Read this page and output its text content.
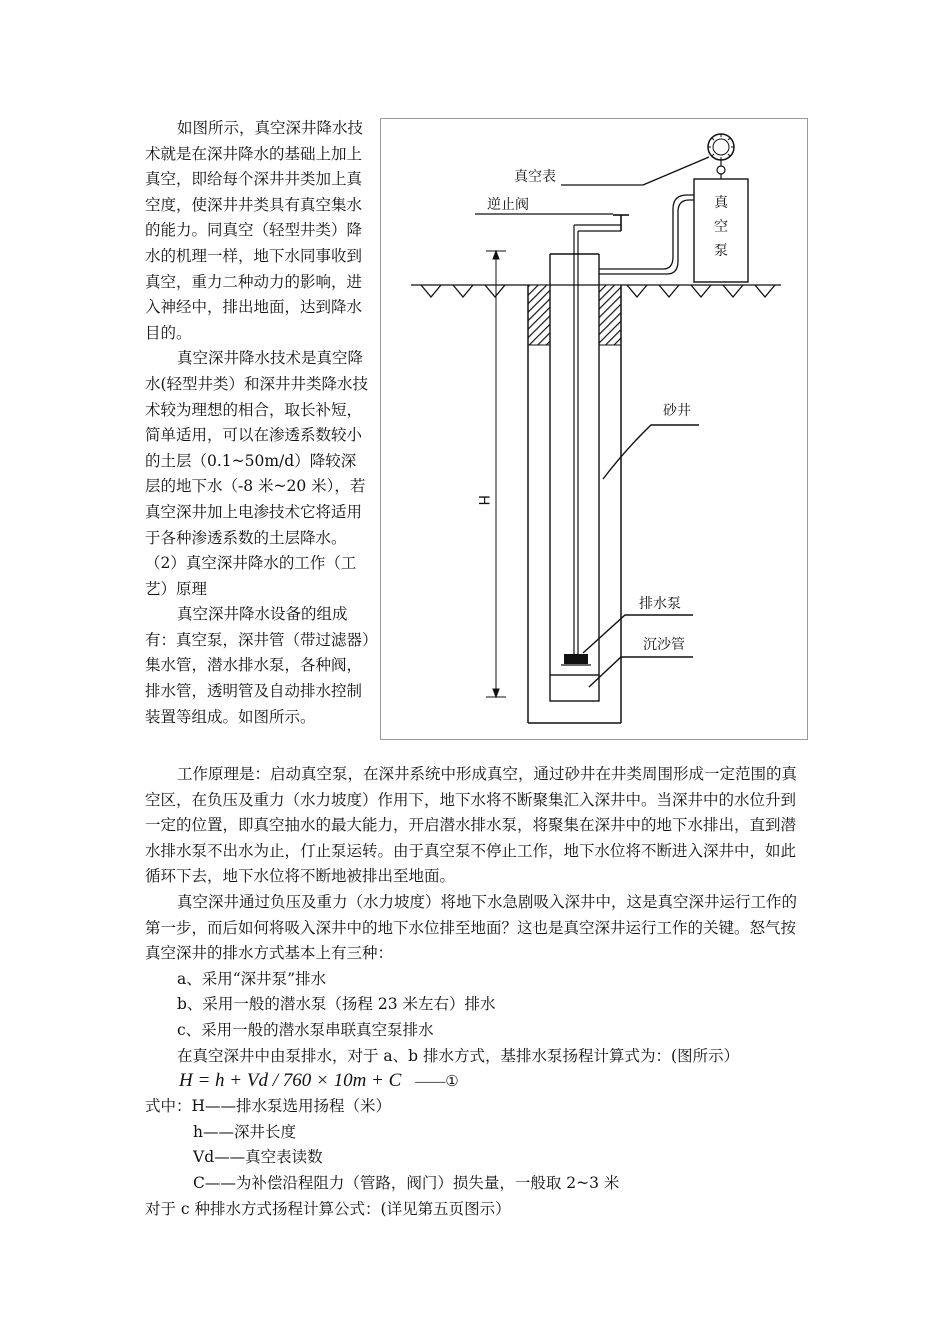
如图所示，真空深井降水技术就是在深井降水的基础上加上真空，即给每个深井井类加上真空度，使深井井类具有真空集水的能力。同真空（轻型井类）降水的机理一样，地下水同事收到真空，重力二种动力的影响，进入神经中，排出地面，达到降水目的。

真空深井降水技术是真空降水(轻型井类）和深井井类降水技术较为理想的相合，取长补短，简单适用，可以在渗透系数较小的土层（0.1~50m/d）降较深层的地下水（-8 米~20 米），若真空深井加上电渗技术它将适用于各种渗透系数的土层降水。

（2）真空深井降水的工作（工艺）原理

真空深井降水设备的组成有：真空泵，深井管（带过滤器）集水管，潜水排水泵，各种阀，排水管，透明管及自动排水控制装置等组成。如图所示。

真
空
泵
真空表
逆止阀
H
砂井
排水泵
沉沙管

工作原理是：启动真空泵，在深井系统中形成真空，通过砂井在井类周围形成一定范围的真空区，在负压及重力（水力坡度）作用下，地下水将不断聚集汇入深井中。当深井中的水位升到一定的位置，即真空抽水的最大能力，开启潜水排水泵，将聚集在深井中的地下水排出，直到潜水排水泵不出水为止，仃止泵运转。由于真空泵不停止工作，地下水位将不断进入深井中，如此循环下去，地下水位将不断地被排出至地面。

真空深井通过负压及重力（水力坡度）将地下水急剧吸入深井中，这是真空深井运行工作的第一步，而后如何将吸入深井中的地下水位排至地面？这也是真空深井运行工作的关键。怒气按真空深井的排水方式基本上有三种：

a、采用“深井泵”排水

b、采用一般的潜水泵（扬程 23 米左右）排水

c、采用一般的潜水泵串联真空泵排水

在真空深井中由泵排水，对于 a、b 排水方式，基排水泵扬程计算式为：(图所示）

H = h + Vd / 760 × 10m + C ——①

式中：H——排水泵选用扬程（米）

h——深井长度

Vd——真空表读数

C——为补偿沿程阻力（管路，阀门）损失量，一般取 2~3 米

对于 c 种排水方式扬程计算公式：(详见第五页图示）
